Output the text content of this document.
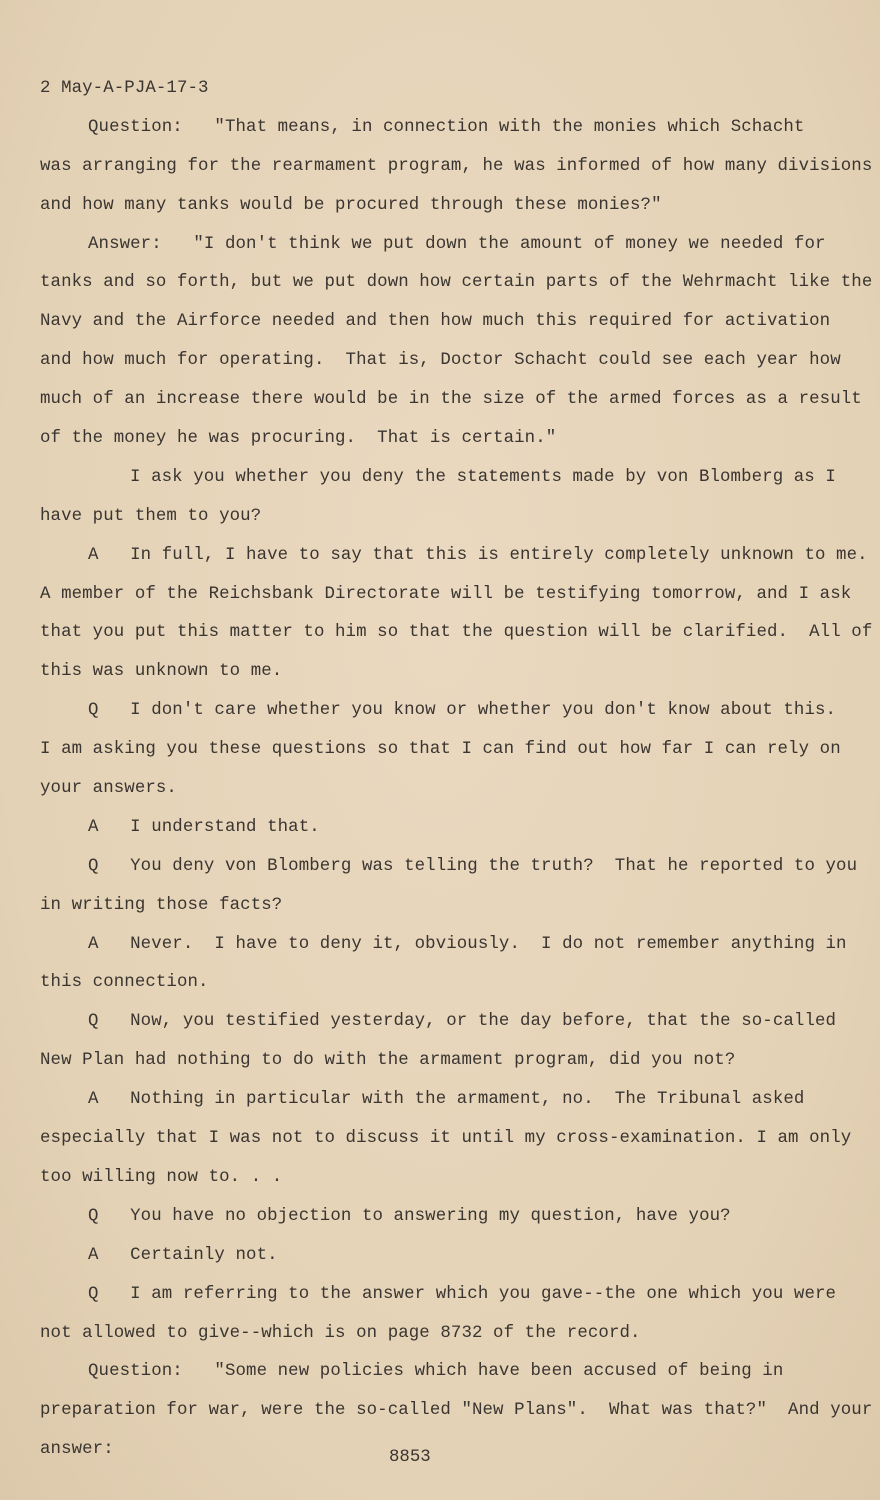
2 May-A-PJA-17-3
Question:   "That means, in connection with the monies which Schacht
was arranging for the rearmament program, he was informed of how many divisions
and how many tanks would be procured through these monies?"
Answer:   "I don't think we put down the amount of money we needed for
tanks and so forth, but we put down how certain parts of the Wehrmacht like the
Navy and the Airforce needed and then how much this required for activation
and how much for operating.  That is, Doctor Schacht could see each year how
much of an increase there would be in the size of the armed forces as a result
of the money he was procuring.  That is certain."
I ask you whether you deny the statements made by von Blomberg as I
have put them to you?
A   In full, I have to say that this is entirely completely unknown to me.
A member of the Reichsbank Directorate will be testifying tomorrow, and I ask
that you put this matter to him so that the question will be clarified.  All of
this was unknown to me.
Q   I don't care whether you know or whether you don't know about this.
I am asking you these questions so that I can find out how far I can rely on
your answers.
A   I understand that.
Q   You deny von Blomberg was telling the truth?  That he reported to you
in writing those facts?
A   Never.  I have to deny it, obviously.  I do not remember anything in
this connection.
Q   Now, you testified yesterday, or the day before, that the so-called
New Plan had nothing to do with the armament program, did you not?
A   Nothing in particular with the armament, no.  The Tribunal asked
especially that I was not to discuss it until my cross-examination. I am only
too willing now to. . .
Q   You have no objection to answering my question, have you?
A   Certainly not.
Q   I am referring to the answer which you gave--the one which you were
not allowed to give--which is on page 8732 of the record.
Question:   "Some new policies which have been accused of being in
preparation for war, were the so-called "New Plans".  What was that?"  And your
answer:	8853
